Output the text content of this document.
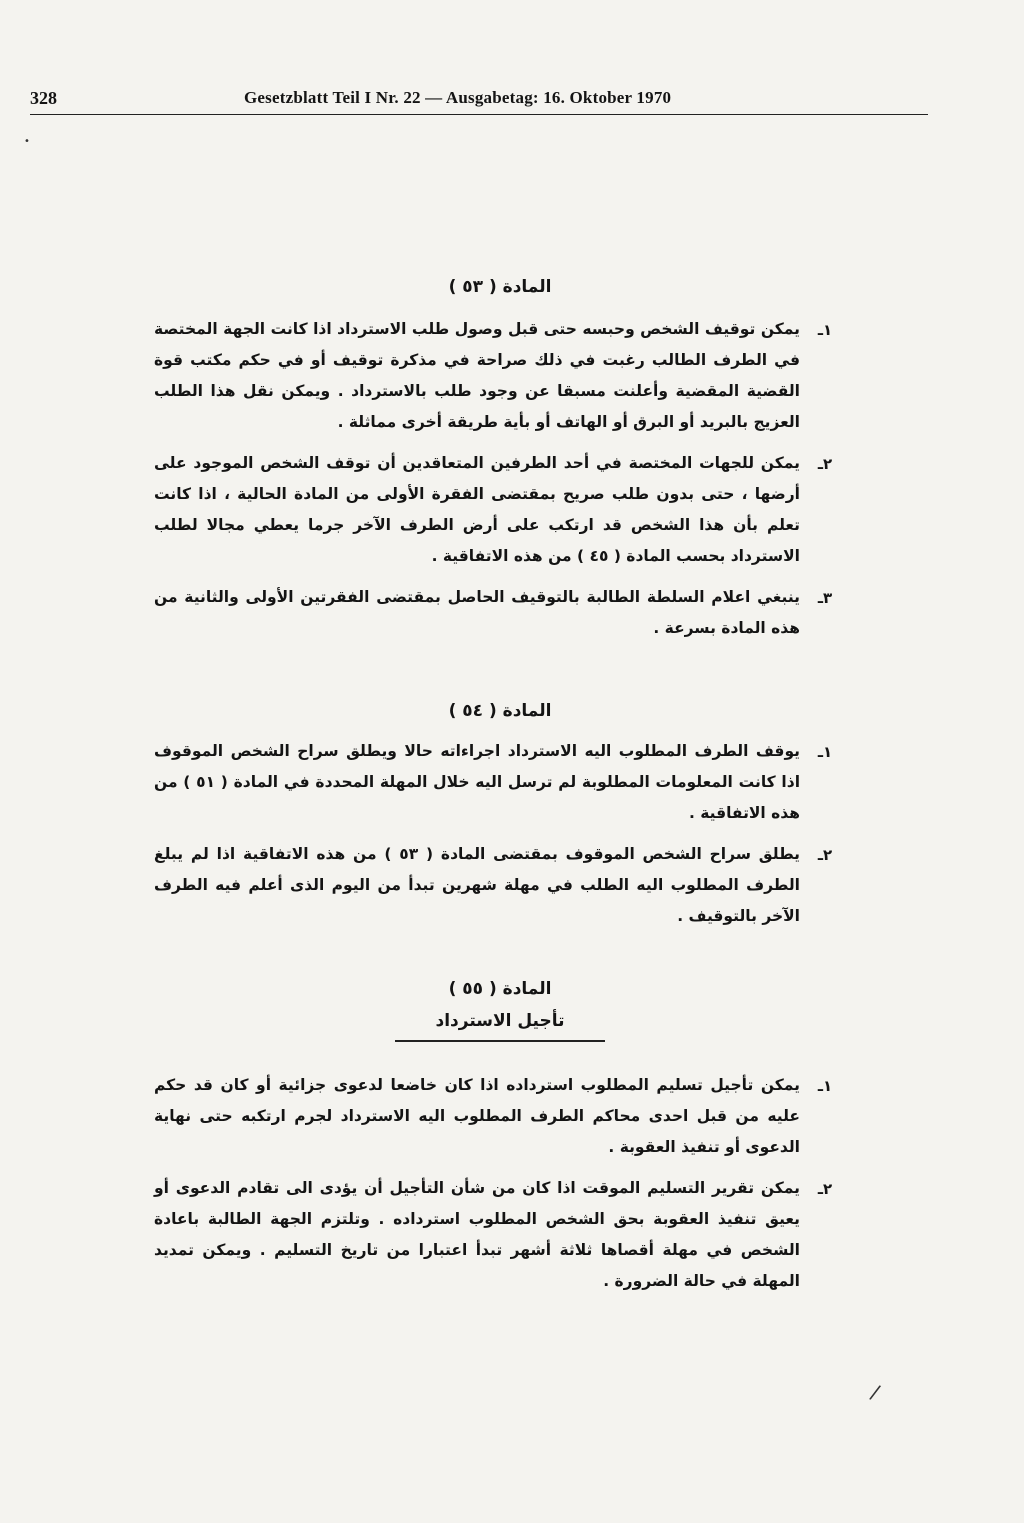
328	Gesetzblatt Teil I Nr. 22 — Ausgabetag: 16. Oktober 1970
•
/
المادة ( ٥٣ )
١ـ
يمكن توقيف الشخص وحبسه حتى قبل وصول طلب الاسترداد اذا كانت الجهة المختصة في الطرف الطالب رغبت في ذلك صراحة في مذكرة توقيف أو في حكم مكتب قوة القضية المقضية وأعلنت مسبقا عن وجود طلب بالاسترداد . ويمكن نقل هذا الطلب العزيج بالبريد أو البرق أو الهاتف أو بأية طريقة أخرى مماثلة .
٢ـ
يمكن للجهات المختصة في أحد الطرفين المتعاقدين أن توقف الشخص الموجود على أرضها ، حتى بدون طلب صريح بمقتضى الفقرة الأولى من المادة الحالية ، اذا كانت تعلم بأن هذا الشخص قد ارتكب على أرض الطرف الآخر جرما يعطي مجالا لطلب الاسترداد بحسب المادة ( ٤٥ ) من هذه الاتفاقية .
٣ـ
ينبغي اعلام السلطة الطالبة بالتوقيف الحاصل بمقتضى الفقرتين الأولى والثانية من هذه المادة بسرعة .
المادة ( ٥٤ )
١ـ
يوقف الطرف المطلوب اليه الاسترداد اجراءاته حالا ويطلق سراح الشخص الموقوف اذا كانت المعلومات المطلوبة لم ترسل اليه خلال المهلة المحددة في المادة ( ٥١ ) من هذه الاتفاقية .
٢ـ
يطلق سراح الشخص الموقوف بمقتضى المادة ( ٥٣ ) من هذه الاتفاقية اذا لم يبلغ الطرف المطلوب اليه الطلب في مهلة شهرين تبدأ من اليوم الذى أعلم فيه الطرف الآخر بالتوقيف .
المادة ( ٥٥ )
تأجيل الاسترداد
١ـ
يمكن تأجيل تسليم المطلوب استرداده اذا كان خاضعا لدعوى جزائية أو كان قد حكم عليه من قبل احدى محاكم الطرف المطلوب اليه الاسترداد لجرم ارتكبه حتى نهاية الدعوى أو تنفيذ العقوبة .
٢ـ
يمكن تقرير التسليم الموقت اذا كان من شأن التأجيل أن يؤدى الى تقادم الدعوى أو يعيق تنفيذ العقوبة بحق الشخص المطلوب استرداده . وتلتزم الجهة الطالبة باعادة الشخص في مهلة أقصاها ثلاثة أشهر تبدأ اعتبارا من تاريخ التسليم . ويمكن تمديد المهلة في حالة الضرورة .
